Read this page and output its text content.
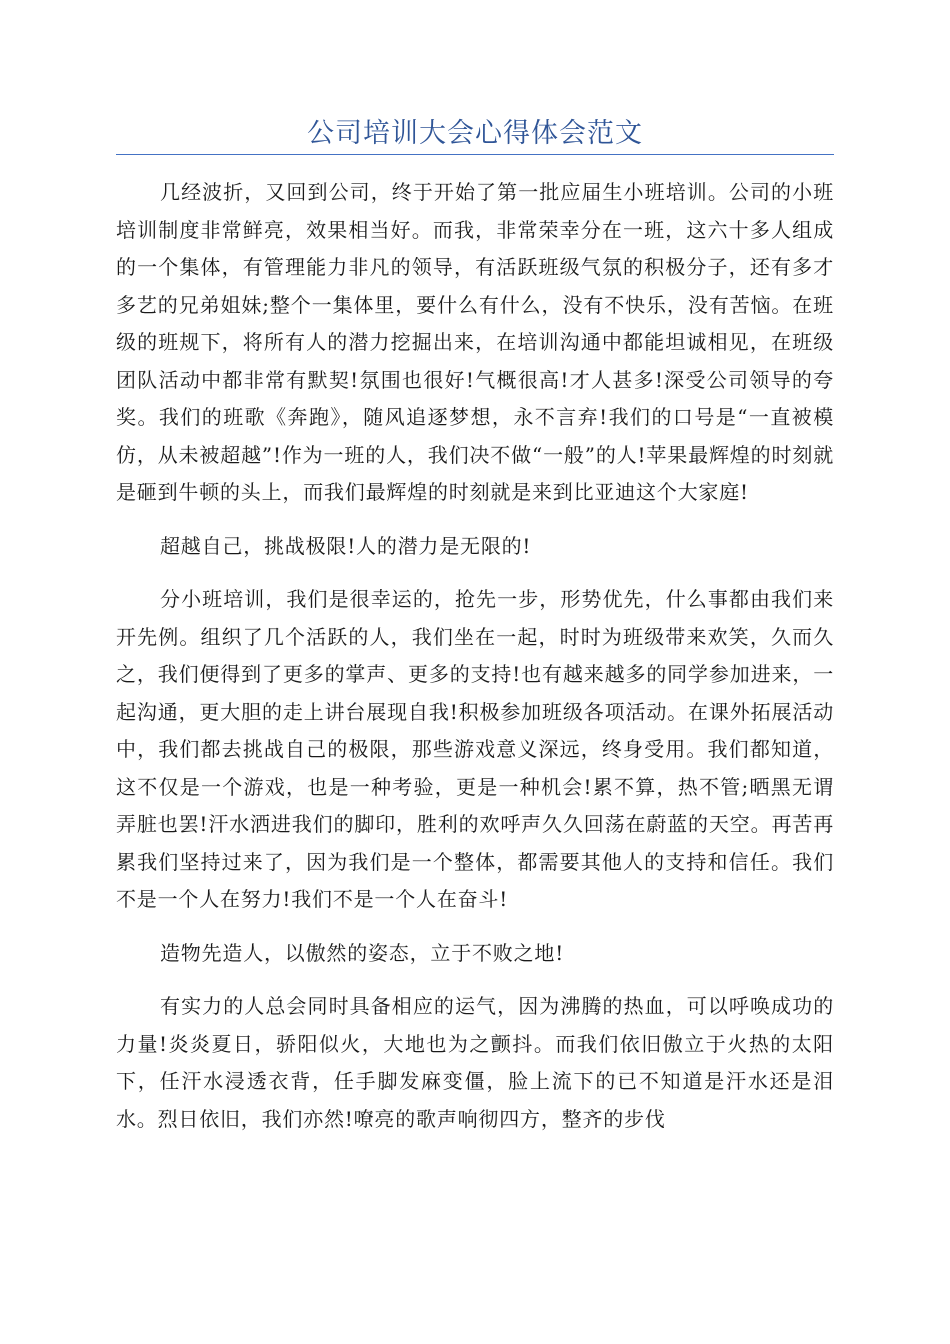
公司培训大会心得体会范文

几经波折，又回到公司，终于开始了第一批应届生小班培训。公司的小班培训制度非常鲜亮，效果相当好。而我，非常荣幸分在一班，这六十多人组成的一个集体，有管理能力非凡的领导，有活跃班级气氛的积极分子，还有多才多艺的兄弟姐妹;整个一集体里，要什么有什么，没有不快乐，没有苦恼。在班级的班规下，将所有人的潜力挖掘出来，在培训沟通中都能坦诚相见，在班级团队活动中都非常有默契!氛围也很好!气概很高!才人甚多!深受公司领导的夸奖。我们的班歌《奔跑》，随风追逐梦想，永不言弃!我们的口号是“一直被模仿，从未被超越”!作为一班的人，我们决不做“一般”的人!苹果最辉煌的时刻就是砸到牛顿的头上，而我们最辉煌的时刻就是来到比亚迪这个大家庭!

超越自己，挑战极限!人的潜力是无限的!

分小班培训，我们是很幸运的，抢先一步，形势优先，什么事都由我们来开先例。组织了几个活跃的人，我们坐在一起，时时为班级带来欢笑，久而久之，我们便得到了更多的掌声、更多的支持!也有越来越多的同学参加进来，一起沟通，更大胆的走上讲台展现自我!积极参加班级各项活动。在课外拓展活动中，我们都去挑战自己的极限，那些游戏意义深远，终身受用。我们都知道，这不仅是一个游戏，也是一种考验，更是一种机会!累不算，热不管;晒黑无谓弄脏也罢!汗水洒进我们的脚印，胜利的欢呼声久久回荡在蔚蓝的天空。再苦再累我们坚持过来了，因为我们是一个整体，都需要其他人的支持和信任。我们不是一个人在努力!我们不是一个人在奋斗!

造物先造人，以傲然的姿态，立于不败之地!

有实力的人总会同时具备相应的运气，因为沸腾的热血，可以呼唤成功的力量!炎炎夏日，骄阳似火，大地也为之颤抖。而我们依旧傲立于火热的太阳下，任汗水浸透衣背，任手脚发麻变僵，脸上流下的已不知道是汗水还是泪水。烈日依旧，我们亦然!嘹亮的歌声响彻四方，整齐的步伐
